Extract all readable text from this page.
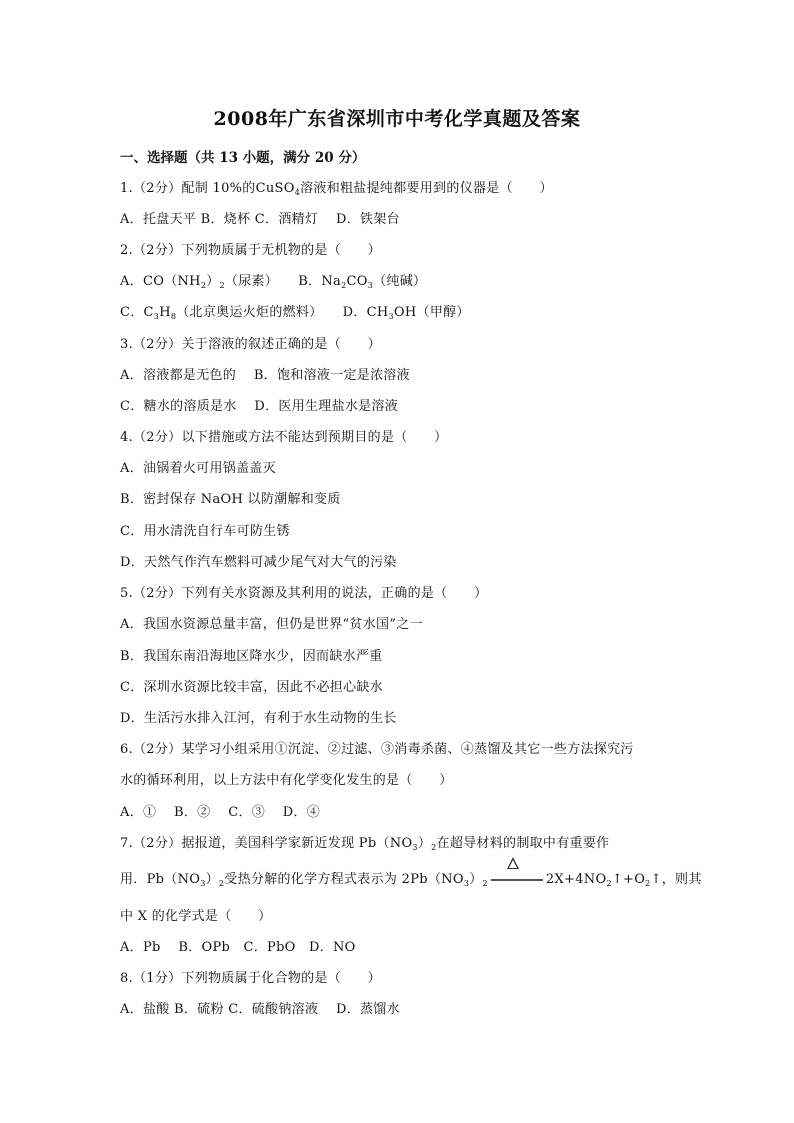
2008年广东省深圳市中考化学真题及答案
一、选择题（共 13 小题，满分 20 分）
1.（2分）配制 10%的CuSO$_4$溶液和粗盐提纯都要用到的仪器是（　　）
A．托盘天平 B．烧杯 C．酒精灯　 D．铁架台
2.（2分）下列物质属于无机物的是（　　）
A．$CO(NH_2)_2$（尿素）　　B．$Na_2CO_3$（纯碱）
C．$C_3H_8$（北京奥运火炬的燃料）　　D．$CH_3OH$（甲醇）
3.（2分）关于溶液的叙述正确的是（　　）
A．溶液都是无色的　 B．饱和溶液一定是浓溶液
C．糖水的溶质是水　 D．医用生理盐水是溶液
4.（2分）以下措施或方法不能达到预期目的是（　　）
A．油锅着火可用锅盖盖灭
B．密封保存 NaOH 以防潮解和变质
C．用水清洗自行车可防生锈
D．天然气作汽车燃料可减少尾气对大气的污染
5.（2分）下列有关水资源及其利用的说法，正确的是（　　）
A．我国水资源总量丰富，但仍是世界“贫水国”之一
B．我国东南沿海地区降水少，因而缺水严重
C．深圳水资源比较丰富，因此不必担心缺水
D．生活污水排入江河，有利于水生动物的生长
6.（2分）某学习小组采用①沉淀、②过滤、③消毒杀菌、④蒸馏及其它一些方法探究污
水的循环利用，以上方法中有化学变化发生的是（　　）
A．①　 B．②　 C．③　 D．④
7.（2分）据报道，美国科学家新近发现 $Pb(NO_3)_2$在超导材料的制取中有重要作
用．$Pb(NO_3)_2$受热分解的化学方程式表示为 $2Pb(NO_3)_2$	$2X+4NO_2↑+O_2↑$，则其
中 X 的化学式是（　　）
A．Pb　 B．OPb　C．PbO　D．NO
8.（1分）下列物质属于化合物的是（　　）
A．盐酸 B．硫粉 C．硫酸钠溶液　 D．蒸馏水
